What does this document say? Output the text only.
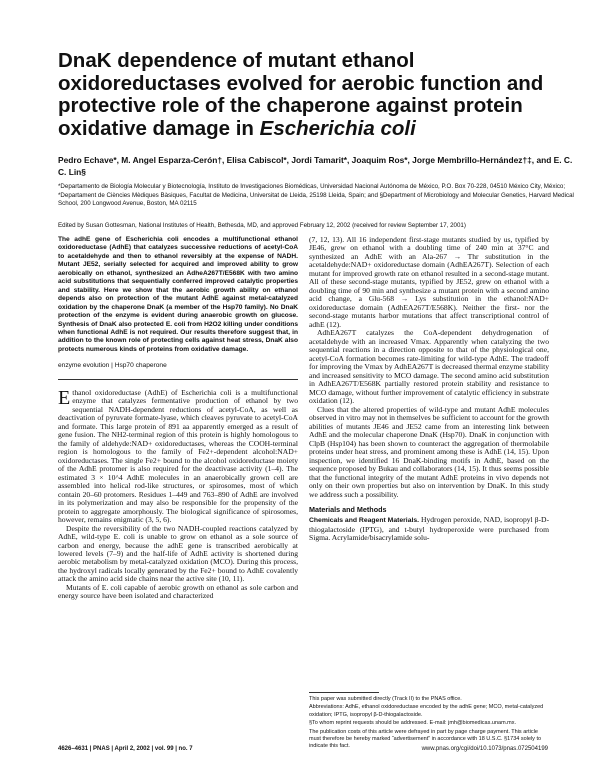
DnaK dependence of mutant ethanol oxidoreductases evolved for aerobic function and protective role of the chaperone against protein oxidative damage in Escherichia coli

Pedro Echave*, M. Angel Esparza-Cerón†, Elisa Cabiscol*, Jordi Tamarit*, Joaquim Ros*, Jorge Membrillo-Hernández†‡, and E. C. C. Lin§

*Departamento de Biología Molecular y Biotecnología, Instituto de Investigaciones Biomédicas, Universidad Nacional Autónoma de México, P.O. Box 70-228, 04510 México City, México; *Departament de Ciències Mèdiques Bàsiques, Facultat de Medicina, Universitat de Lleida, 25198 Lleida, Spain; and §Department of Microbiology and Molecular Genetics, Harvard Medical School, 200 Longwood Avenue, Boston, MA 02115
Edited by Susan Gottesman, National Institutes of Health, Bethesda, MD, and approved February 12, 2002 (received for review September 17, 2001)

The adhE gene of Escherichia coli encodes a multifunctional ethanol oxidoreductase (AdhE) that catalyzes successive reductions of acetyl-CoA to acetaldehyde and then to ethanol reversibly at the expense of NADH. Mutant JE52, serially selected for acquired and improved ability to grow aerobically on ethanol, synthesized an AdheA267T/E568K with two amino acid substitutions that sequentially conferred improved catalytic properties and stability. Here we show that the aerobic growth ability on ethanol depends also on protection of the mutant AdhE against metal-catalyzed oxidation by the chaperone DnaK (a member of the Hsp70 family). No DnaK protection of the enzyme is evident during anaerobic growth on glucose. Synthesis of DnaK also protected E. coli from H2O2 killing under conditions when functional AdhE is not required. Our results therefore suggest that, in addition to the known role of protecting cells against heat stress, DnaK also protects numerous kinds of proteins from oxidative damage.

enzyme evolution | Hsp70 chaperone

Ethanol oxidoreductase (AdhE) of Escherichia coli is a multifunctional enzyme that catalyzes fermentative production of ethanol by two sequential NADH-dependent reductions of acetyl-CoA, as well as deactivation of pyruvate formate-lyase, which cleaves pyruvate to acetyl-CoA and formate. This large protein of 891 aa apparently emerged as a result of gene fusion. The NH2-terminal region of this protein is highly homologous to the family of aldehyde:NAD+ oxidoreductases, whereas the COOH-terminal region is homologous to the family of Fe2+-dependent alcohol:NAD+ oxidoreductases. The single Fe2+ bound to the alcohol oxidoreductase moiety of the AdhE protomer is also required for the deactivase activity (1–4). The estimated 3 × 10^4 AdhE molecules in an anaerobically grown cell are assembled into helical rod-like structures, or spirosomes, most of which contain 20–60 protomers. Residues 1–449 and 763–890 of AdhE are involved in its polymerization and may also be responsible for the propensity of the protein to aggregate amorphously. The biological significance of spirosomes, however, remains enigmatic (3, 5, 6).

Despite the reversibility of the two NADH-coupled reactions catalyzed by AdhE, wild-type E. coli is unable to grow on ethanol as a sole source of carbon and energy, because the adhE gene is transcribed aerobically at lowered levels (7–9) and the half-life of AdhE activity is shortened during aerobic metabolism by metal-catalyzed oxidation (MCO). During this process, the hydroxyl radicals locally generated by the Fe2+ bound to AdhE covalently attack the amino acid side chains near the active site (10, 11).

Mutants of E. coli capable of aerobic growth on ethanol as sole carbon and energy source have been isolated and characterized

(7, 12, 13). All 16 independent first-stage mutants studied by us, typified by JE46, grew on ethanol with a doubling time of 240 min at 37°C and synthesized an AdhE with an Ala-267 → Thr substitution in the acetaldehyde:NAD+ oxidoreductase domain (AdhEA267T). Selection of each mutant for improved growth rate on ethanol resulted in a second-stage mutant. All of these second-stage mutants, typified by JE52, grew on ethanol with a doubling time of 90 min and synthesize a mutant protein with a second amino acid change, a Glu-568 → Lys substitution in the ethanol:NAD+ oxidoreductase domain (AdhEA267T/E568K). Neither the first- nor the second-stage mutants harbor mutations that affect transcriptional control of adhE (12).

AdhEA267T catalyzes the CoA-dependent dehydrogenation of acetaldehyde with an increased Vmax. Apparently when catalyzing the two sequential reactions in a direction opposite to that of the physiological one, acetyl-CoA formation becomes rate-limiting for wild-type AdhE. The tradeoff for improving the Vmax by AdhEA267T is decreased thermal enzyme stability and increased sensitivity to MCO damage. The second amino acid substitution in AdhEA267T/E568K partially restored protein stability and resistance to MCO damage, without further improvement of catalytic efficiency in substrate oxidation (12).

Clues that the altered properties of wild-type and mutant AdhE molecules observed in vitro may not in themselves be sufficient to account for the growth abilities of mutants JE46 and JE52 came from an interesting link between AdhE and the molecular chaperone DnaK (Hsp70). DnaK in conjunction with ClpB (Hsp104) has been shown to counteract the aggregation of thermolabile proteins under heat stress, and prominent among these is AdhE (14, 15). Upon inspection, we identified 16 DnaK-binding motifs in AdhE, based on the sequence proposed by Bukau and collaborators (14, 15). It thus seems possible that the functional integrity of the mutant AdhE proteins in vivo depends not only on their own properties but also on intervention by DnaK. In this study we address such a possibility.

Materials and Methods

Chemicals and Reagent Materials. Hydrogen peroxide, NAD, isopropyl β-D-thiogalactoside (IPTG), and t-butyl hydroperoxide were purchased from Sigma. Acrylamide/bisacrylamide solu-

This paper was submitted directly (Track II) to the PNAS office.

Abbreviations: AdhE, ethanol oxidoreductase encoded by the adhE gene; MCO, metal-catalyzed oxidation; IPTG, isopropyl β-D-thiogalactoside.

§To whom reprint requests should be addressed. E-mail: jmh@biomedicas.unam.mx.

The publication costs of this article were defrayed in part by page charge payment. This article must therefore be hereby marked “advertisement” in accordance with 18 U.S.C. §1734 solely to indicate this fact.

4626–4631 | PNAS | April 2, 2002 | vol. 99 | no. 7	www.pnas.org/cgi/doi/10.1073/pnas.072504199
